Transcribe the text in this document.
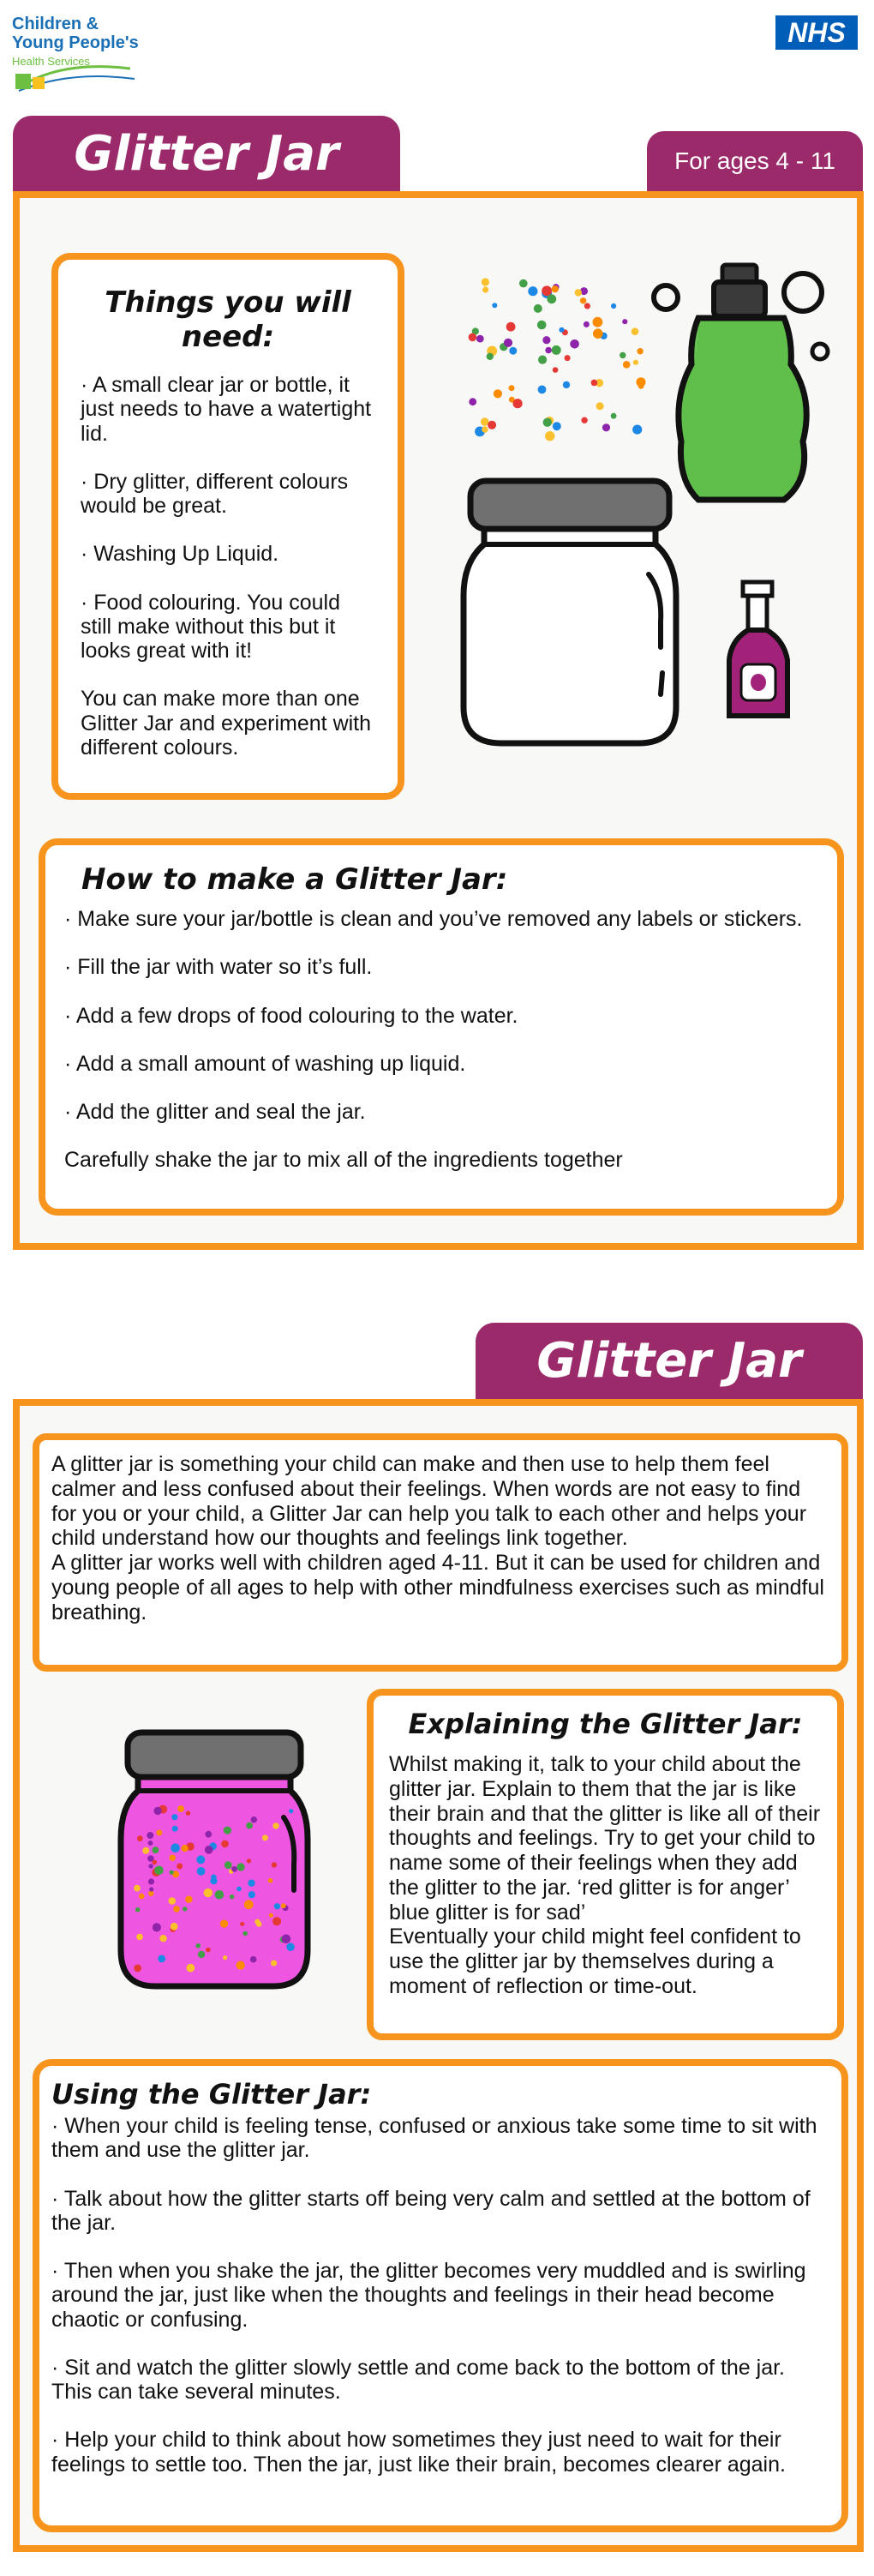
Children &
Young People's
Health Services
NHS
Glitter Jar	For ages 4 - 11
Things you will need:

· A small clear jar or bottle, it just needs to have a watertight lid.

· Dry glitter, different colours would be great.

· Washing Up Liquid.

· Food colouring. You could still make without this but it looks great with it!

You can make more than one Glitter Jar and experiment with different colours.

How to make a Glitter Jar:

· Make sure your jar/bottle is clean and you’ve removed any labels or stickers.

· Fill the jar with water so it’s full.

· Add a few drops of food colouring to the water.

· Add a small amount of washing up liquid.

· Add the glitter and seal the jar.

Carefully shake the jar to mix all of the ingredients together

Glitter Jar

A glitter jar is something your child can make and then use to help them feel calmer and less confused about their feelings. When words are not easy to find for you or your child, a Glitter Jar can help you talk to each other and helps your child understand how our thoughts and feelings link together.

A glitter jar works well with children aged 4-11. But it can be used for children and young people of all ages to help with other mindfulness exercises such as mindful breathing.

Explaining the Glitter Jar:

Whilst making it, talk to your child about the glitter jar. Explain to them that the jar is like their brain and that the glitter is like all of their thoughts and feelings. Try to get your child to name some of their feelings when they add the glitter to the jar. ‘red glitter is for anger’ blue glitter is for sad’

Eventually your child might feel confident to use the glitter jar by themselves during a moment of reflection or time-out.

Using the Glitter Jar:

· When your child is feeling tense, confused or anxious take some time to sit with them and use the glitter jar.

· Talk about how the glitter starts off being very calm and settled at the bottom of the jar.

· Then when you shake the jar, the glitter becomes very muddled and is swirling around the jar, just like when the thoughts and feelings in their head become chaotic or confusing.

· Sit and watch the glitter slowly settle and come back to the bottom of the jar. This can take several minutes.

· Help your child to think about how sometimes they just need to wait for their feelings to settle too. Then the jar, just like their brain, becomes clearer again.
